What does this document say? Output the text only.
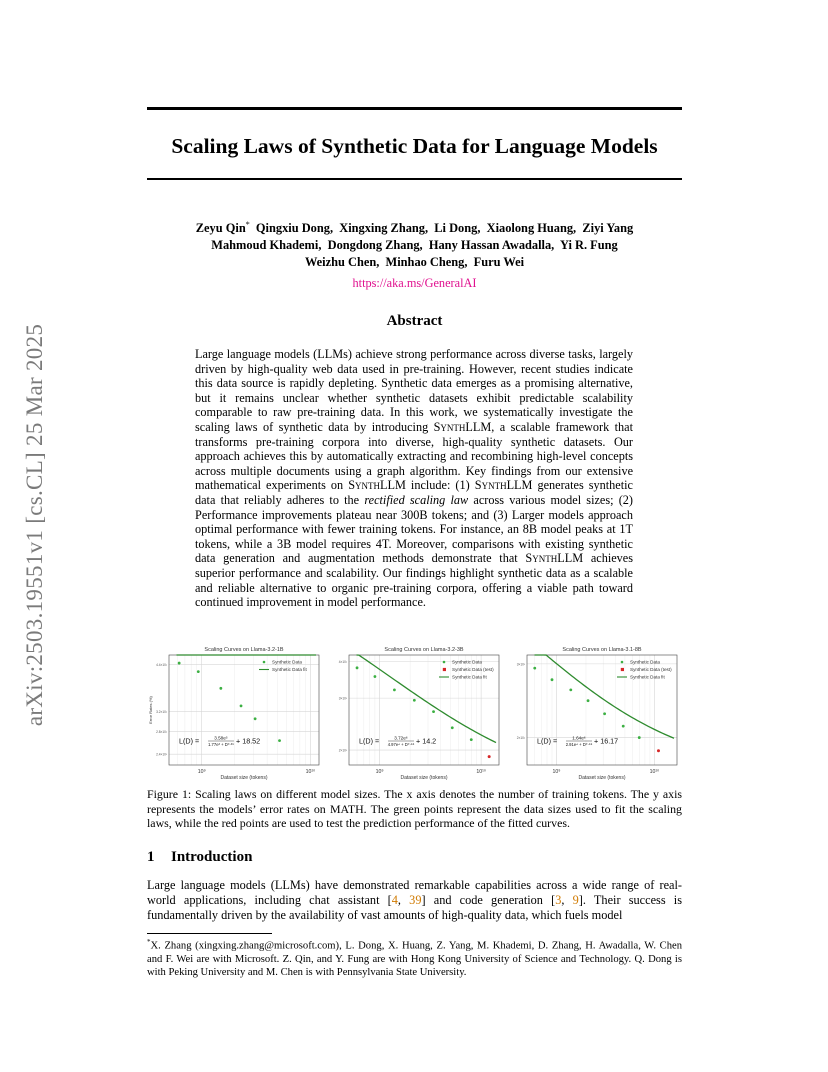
arXiv:2503.19551v1 [cs.CL] 25 Mar 2025
Scaling Laws of Synthetic Data for Language Models
Zeyu Qin* Qingxiu Dong, Xingxing Zhang, Li Dong, Xiaolong Huang, Ziyi Yang
Mahmoud Khademi,  Dongdong Zhang,  Hany Hassan Awadalla,  Yi R. Fung
Weizhu Chen,  Minhao Cheng,  Furu Wei
https://aka.ms/GeneralAI
Abstract

Large language models (LLMs) achieve strong performance across diverse tasks, largely driven by high-quality web data used in pre-training. However, recent studies indicate this data source is rapidly depleting. Synthetic data emerges as a promising alternative, but it remains unclear whether synthetic datasets exhibit predictable scalability comparable to raw pre-training data. In this work, we systematically investigate the scaling laws of synthetic data by introducing SynthLLM, a scalable framework that transforms pre-training corpora into diverse, high-quality synthetic datasets. Our approach achieves this by automatically extracting and recombining high-level concepts across multiple documents using a graph algorithm. Key findings from our extensive mathematical experiments on SynthLLM include: (1) SynthLLM generates synthetic data that reliably adheres to the rectified scaling law across various model sizes; (2) Performance improvements plateau near 300B tokens; and (3) Larger models approach optimal performance with fewer training tokens. For instance, an 8B model peaks at 1T tokens, while a 3B model requires 4T. Moreover, comparisons with existing synthetic data generation and augmentation methods demonstrate that SynthLLM achieves superior performance and scalability. Our findings highlight synthetic data as a scalable and reliable alternative to organic pre-training corpora, offering a viable path toward continued improvement in model performance.

Scaling Curves on Llama-3.2-1B
10⁹	10¹⁰
2.4×10¹
2.8×10¹
3.2×10¹
4.4×10¹
Synthetic Data
Synthetic Data fit
L(D) =	3.58e⁵
1.77e³ + D⁰·³⁶ + 18.52
Dataset size (tokens)
Error Rates (%)
Scaling Curves on Llama-3.2-3B
10⁹	10¹⁰
2×10¹
3×10¹
4×10¹	Synthetic Data
Synthetic Data (test)
Synthetic Data fit
L(D) =	3.72e⁶
4.97e⁴ + D⁰·⁵⁶ + 14.2
Dataset size (tokens)
Scaling Curves on Llama-3.1-8B
10⁹	10¹⁰
2×10¹
3×10¹	Synthetic Data
Synthetic Data (test)
Synthetic Data fit
L(D) =	1.64e⁶
2.91e⁴ + D⁰·⁵⁵ + 16.17
Dataset size (tokens)
Figure 1: Scaling laws on different model sizes. The x axis denotes the number of training tokens. The y axis represents the models’ error rates on MATH. The green points represent the data sizes used to fit the scaling laws, while the red points are used to test the prediction performance of the fitted curves.
1 Introduction

Large language models (LLMs) have demonstrated remarkable capabilities across a wide range of real-world applications, including chat assistant [4, 39] and code generation [3, 9]. Their success is fundamentally driven by the availability of vast amounts of high-quality data, which fuels model

*X. Zhang (xingxing.zhang@microsoft.com), L. Dong, X. Huang, Z. Yang, M. Khademi, D. Zhang, H. Awadalla, W. Chen and F. Wei are with Microsoft. Z. Qin, and Y. Fung are with Hong Kong University of Science and Technology. Q. Dong is with Peking University and M. Chen is with Pennsylvania State University.
